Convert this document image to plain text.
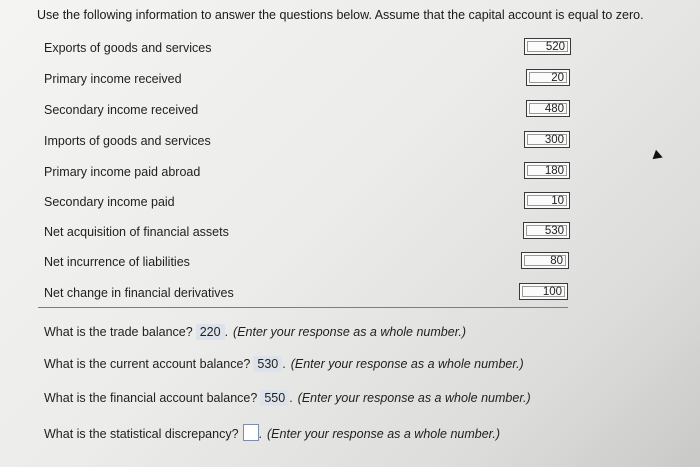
Use the following information to answer the questions below. Assume that the capital account is equal to zero.
Exports of goods and services	520
Primary income received	20
Secondary income received	480
Imports of goods and services	300
Primary income paid abroad	180
Secondary income paid	10
Net acquisition of financial assets	530
Net incurrence of liabilities	80
Net change in financial derivatives	100
What is the trade balance? 220 . (Enter your response as a whole number.)
What is the current account balance? 530 . (Enter your response as a whole number.)
What is the financial account balance? 550 . (Enter your response as a whole number.)
What is the statistical discrepancy? . (Enter your response as a whole number.)
